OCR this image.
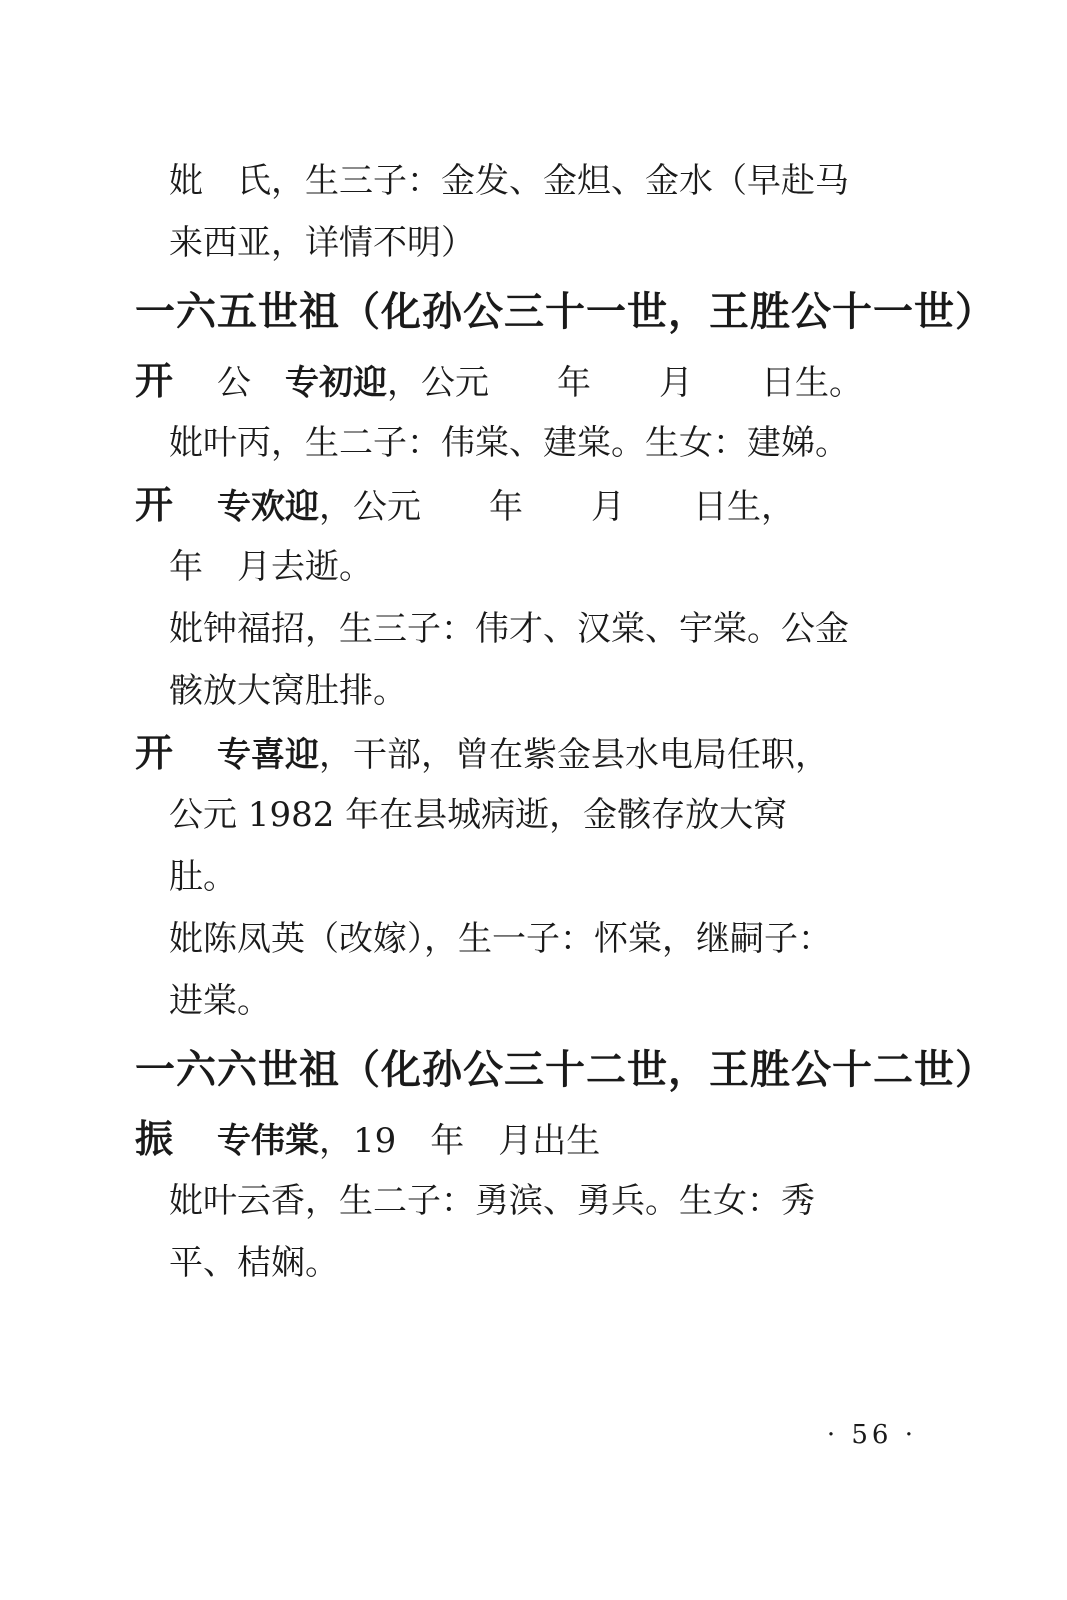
妣　氏，生三子：金发、金炟、金水（早赴马
来西亚，详情不明）
一六五世祖（化孙公三十一世，王胜公十一世）
开 公　专初迎，公元　　年　　月　　日生。
妣叶丙，生二子：伟棠、建棠。生女：建娣。
开 专欢迎，公元　　年　　月　　日生，
年　月去逝。
妣钟福招，生三子：伟才、汉棠、宇棠。公金
骸放大窝肚排。
开 专喜迎，干部，曾在紫金县水电局任职，
公元 1982 年在县城病逝，金骸存放大窝
肚。
妣陈凤英（改嫁），生一子：怀棠，继嗣子：
进棠。
一六六世祖（化孙公三十二世，王胜公十二世）
振 专伟棠，19　年　月出生
妣叶云香，生二子：勇滨、勇兵。生女：秀
平、桔娴。
· 56 ·
